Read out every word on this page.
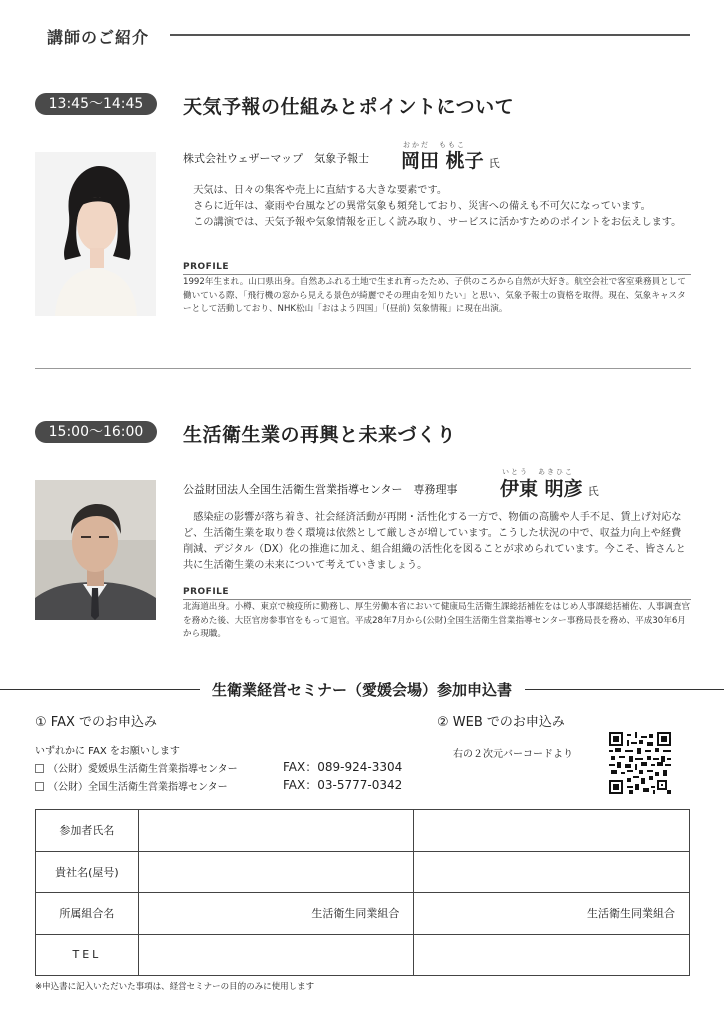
講師のご紹介
13:45～14:45	天気予報の仕組みとポイントについて
株式会社ウェザーマップ　気象予報士
おかだ　ももこ
岡田 桃子 氏

天気は、日々の集客や売上に直結する大きな要素です。

さらに近年は、豪雨や台風などの異常気象も頻発しており、災害への備えも不可欠になっています。

この講演では、天気予報や気象情報を正しく読み取り、サービスに活かすためのポイントをお伝えします。

PROFILE
1992年生まれ。山口県出身。自然あふれる土地で生まれ育ったため、子供のころから自然が大好き。航空会社で客室乗務員として働いている際、「飛行機の窓から見える景色が綺麗でその理由を知りたい」と思い、気象予報士の資格を取得。現在、気象キャスターとして活動しており、NHK松山「おはよう四国」「(昼前) 気象情報」に現在出演。
15:00～16:00	生活衛生業の再興と未来づくり
公益財団法人全国生活衛生営業指導センター　専務理事
いとう　あきひこ
伊東 明彦 氏

感染症の影響が落ち着き、社会経済活動が再開・活性化する一方で、物価の高騰や人手不足、賃上げ対応など、生活衛生業を取り巻く環境は依然として厳しさが増しています。こうした状況の中で、収益力向上や経費削減、デジタル（DX）化の推進に加え、組合組織の活性化を図ることが求められています。今こそ、皆さんと共に生活衛生業の未来について考えていきましょう。

PROFILE
北海道出身。小樽、東京で検疫所に勤務し、厚生労働本省において健康局生活衛生課総括補佐をはじめ人事課総括補佐、人事調査官を務めた後、大臣官房参事官をもって退官。平成28年7月から(公財)全国生活衛生営業指導センター事務局長を務め、平成30年6月から現職。
生衛業経営セミナー（愛媛会場）参加申込書
① FAX でのお申込み	② WEB でのお申込み
いずれかに FAX をお願いします
（公財）愛媛県生活衛生営業指導センター	FAX：089-924-3304
（公財）全国生活衛生営業指導センター	FAX：03-5777-0342
右の２次元バーコードより
参加者氏名		
貴社名(屋号)		
所属組合名	生活衛生同業組合	生活衛生同業組合
TEL		
※申込書に記入いただいた事項は、経営セミナーの目的のみに使用します
